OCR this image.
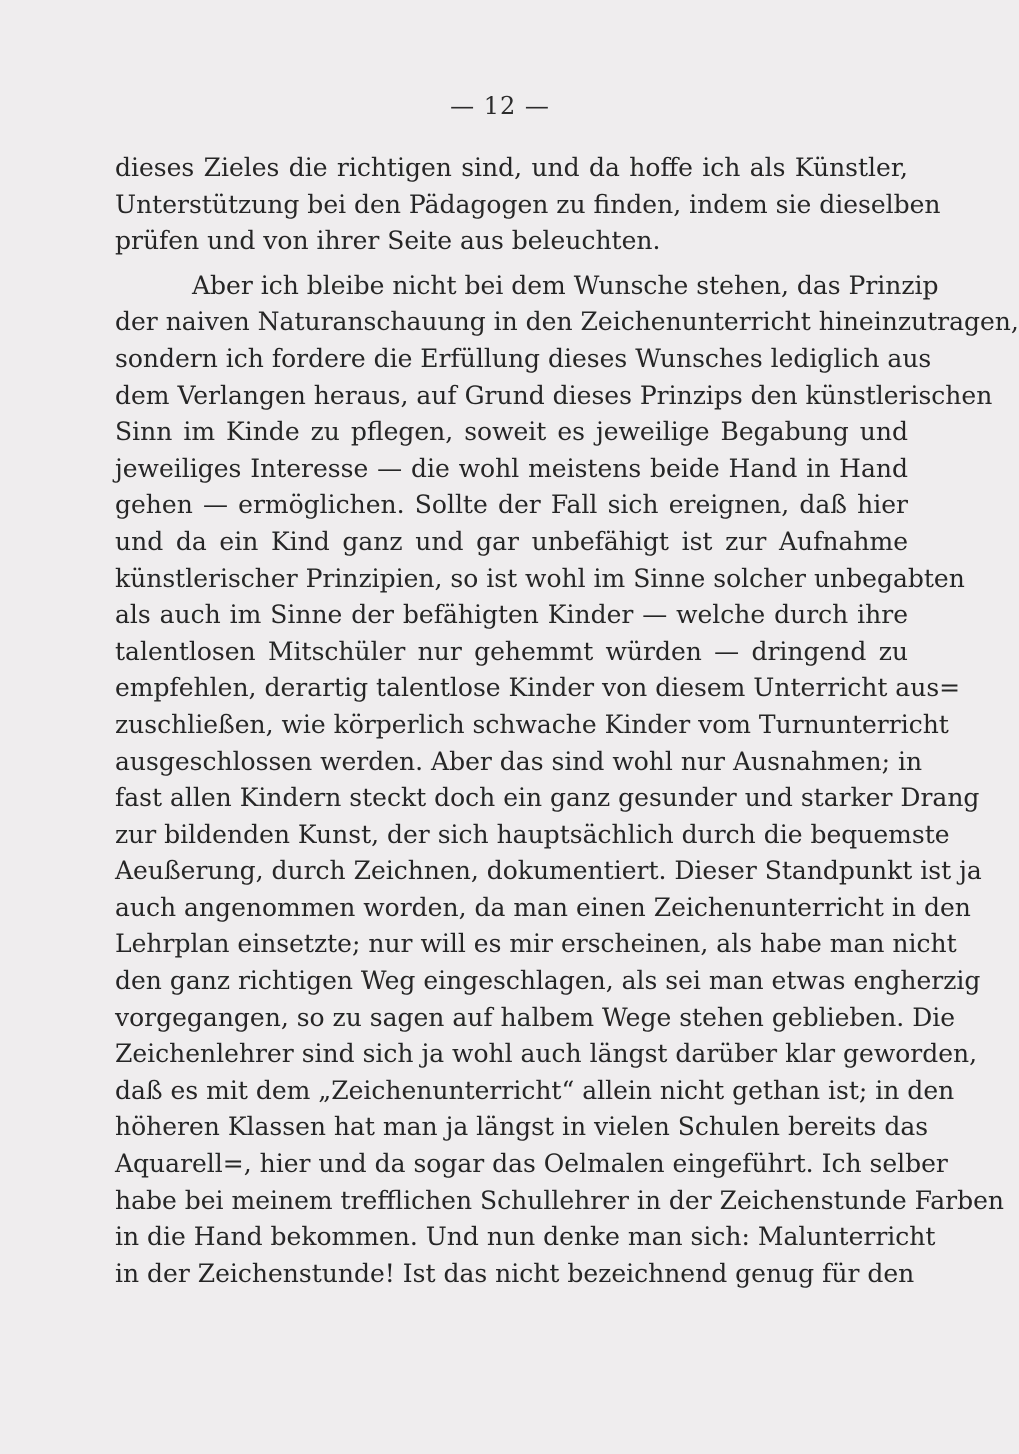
— 12 —
dieses Zieles die richtigen sind, und da hoffe ich als Künstler,
Unterstützung bei den Pädagogen zu finden, indem sie dieselben
prüfen und von ihrer Seite aus beleuchten.
Aber ich bleibe nicht bei dem Wunsche stehen, das Prinzip
der naiven Naturanschauung in den Zeichenunterricht hineinzutragen,
sondern ich fordere die Erfüllung dieses Wunsches lediglich aus
dem Verlangen heraus, auf Grund dieses Prinzips den künstlerischen
Sinn im Kinde zu pflegen, soweit es jeweilige Begabung und
jeweiliges Interesse — die wohl meistens beide Hand in Hand
gehen — ermöglichen. Sollte der Fall sich ereignen, daß hier
und da ein Kind ganz und gar unbefähigt ist zur Aufnahme
künstlerischer Prinzipien, so ist wohl im Sinne solcher unbegabten
als auch im Sinne der befähigten Kinder — welche durch ihre
talentlosen Mitschüler nur gehemmt würden — dringend zu
empfehlen, derartig talentlose Kinder von diesem Unterricht aus=
zuschließen, wie körperlich schwache Kinder vom Turnunterricht
ausgeschlossen werden. Aber das sind wohl nur Ausnahmen; in
fast allen Kindern steckt doch ein ganz gesunder und starker Drang
zur bildenden Kunst, der sich hauptsächlich durch die bequemste
Aeußerung, durch Zeichnen, dokumentiert. Dieser Standpunkt ist ja
auch angenommen worden, da man einen Zeichenunterricht in den
Lehrplan einsetzte; nur will es mir erscheinen, als habe man nicht
den ganz richtigen Weg eingeschlagen, als sei man etwas engherzig
vorgegangen, so zu sagen auf halbem Wege stehen geblieben. Die
Zeichenlehrer sind sich ja wohl auch längst darüber klar geworden,
daß es mit dem „Zeichenunterricht“ allein nicht gethan ist; in den
höheren Klassen hat man ja längst in vielen Schulen bereits das
Aquarell=, hier und da sogar das Oelmalen eingeführt. Ich selber
habe bei meinem trefflichen Schullehrer in der Zeichenstunde Farben
in die Hand bekommen. Und nun denke man sich: Malunterricht
in der Zeichenstunde! Ist das nicht bezeichnend genug für den
